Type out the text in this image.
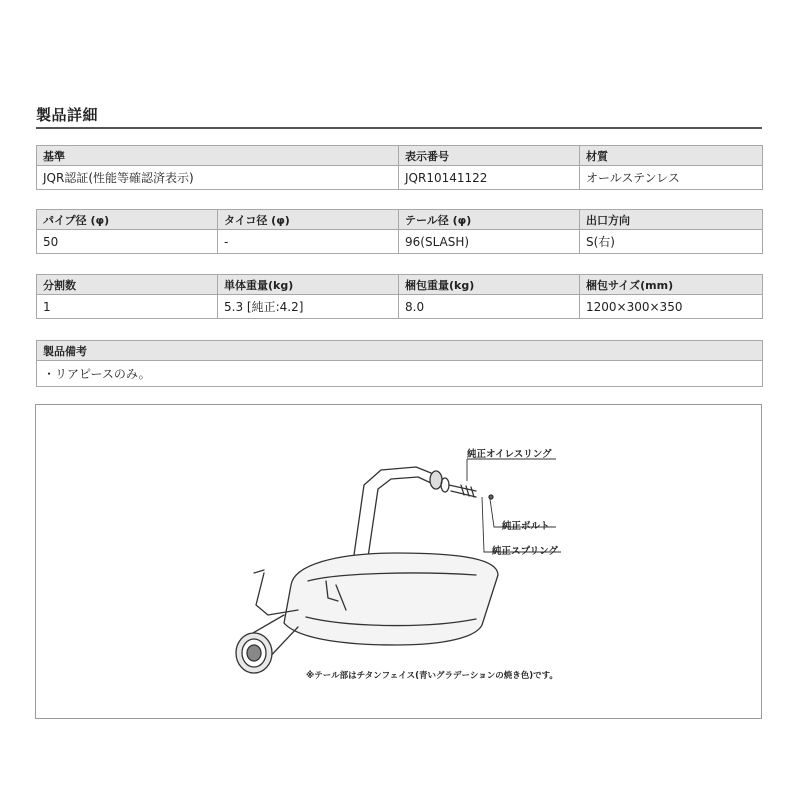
製品詳細
基準	表示番号	材質
JQR認証(性能等確認済表示)	JQR10141122	オールステンレス
パイプ径 (φ)	タイコ径 (φ)	テール径 (φ)	出口方向
50	-	96(SLASH)	S(右)
分割数	単体重量(kg)	梱包重量(kg)	梱包サイズ(mm)
1	5.3 [純正:4.2]	8.0	1200×300×350
製品備考
・リアピースのみ。
純正オイレスリング
純正ボルト
純正スプリング
※テール部はチタンフェイス(青いグラデーションの焼き色)です。
